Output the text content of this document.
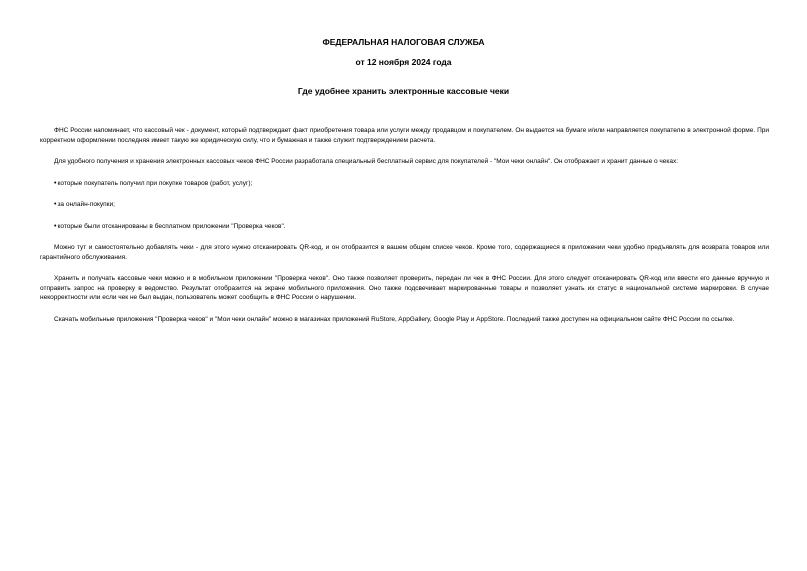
ФЕДЕРАЛЬНАЯ НАЛОГОВАЯ СЛУЖБА
от 12 ноября 2024 года
Где удобнее хранить электронные кассовые чеки

ФНС России напоминает, что кассовый чек - документ, который подтверждает факт приобретения товара или услуги между продавцом и покупателем. Он выдается на бумаге и/или направляется покупателю в электронной форме. При корректном оформлении последняя имеет такую же юридическую силу, что и бумажная и также служит подтверждением расчета.

Для удобного получения и хранения электронных кассовых чеков ФНС России разработала специальный бесплатный сервис для покупателей - "Мои чеки онлайн". Он отображает и хранит данные о чеках:

• которые покупатель получил при покупке товаров (работ, услуг);
• за онлайн-покупки;
• которые были отсканированы в бесплатном приложении "Проверка чеков".

Можно тут и самостоятельно добавлять чеки - для этого нужно отсканировать QR-код, и он отобразится в вашем общем списке чеков. Кроме того, содержащиеся в приложении чеки удобно предъявлять для возврата товаров или гарантийного обслуживания.

Хранить и получать кассовые чеки можно и в мобильном приложении "Проверка чеков". Оно также позволяет проверить, передан ли чек в ФНС России. Для этого следует отсканировать QR-код или ввести его данные вручную и отправить запрос на проверку в ведомство. Результат отобразится на экране мобильного приложения. Оно также подсвечивает маркированные товары и позволяет узнать их статус в национальной системе маркировки. В случае некорректности или если чек не был выдан, пользователь может сообщить в ФНС России о нарушении.

Скачать мобильные приложения "Проверка чеков" и "Мои чеки онлайн" можно в магазинах приложений RuStore, AppGallery, Google Play и AppStore. Последний также доступен на официальном сайте ФНС России по ссылке.
